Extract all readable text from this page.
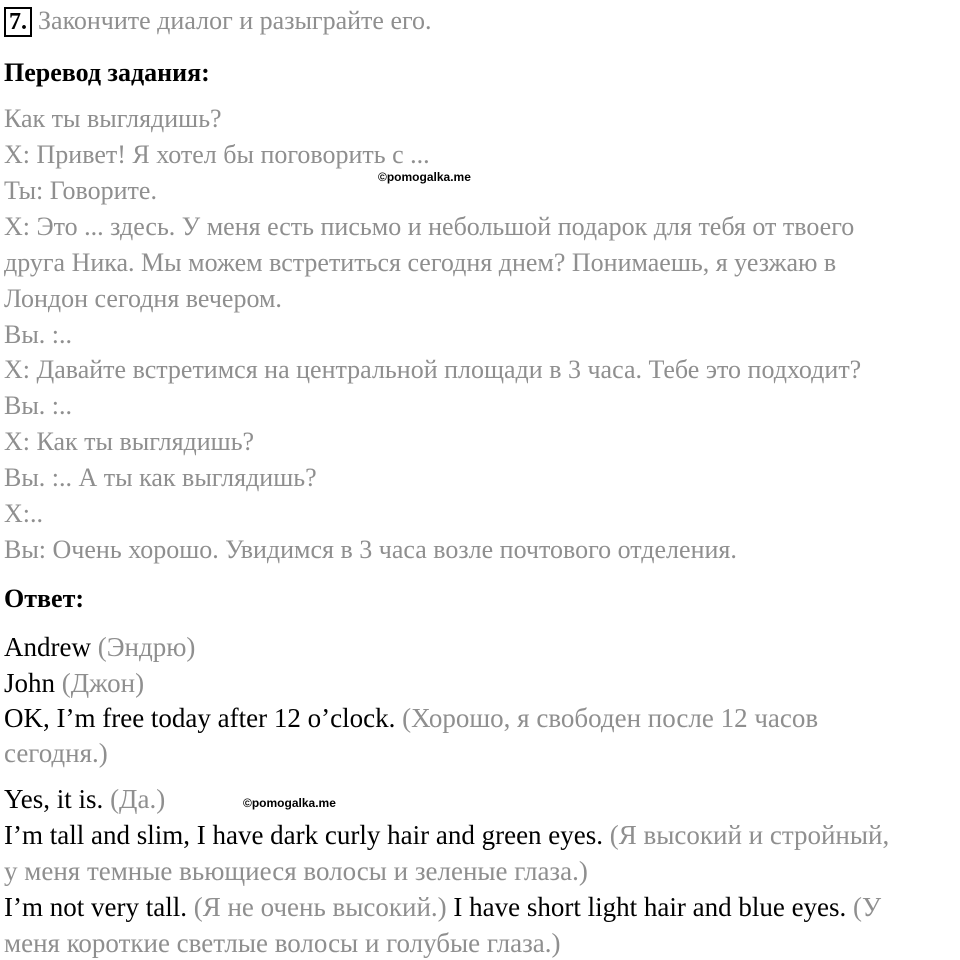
7. Закончите диалог и разыграйте его.
Перевод задания:
Как ты выглядишь?
X: Привет! Я хотел бы поговорить с ...
Ты: Говорите.
X: Это ... здесь. У меня есть письмо и небольшой подарок для тебя от твоего
друга Ника. Мы можем встретиться сегодня днем? Понимаешь, я уезжаю в
Лондон сегодня вечером.
Вы. :..
X: Давайте встретимся на центральной площади в 3 часа. Тебе это подходит?
Вы. :..
X: Как ты выглядишь?
Вы. :.. А ты как выглядишь?
X:..
Вы: Очень хорошо. Увидимся в 3 часа возле почтового отделения.
Ответ:
Andrew (Эндрю)
John (Джон)
OK, I’m free today after 12 o’clock. (Хорошо, я свободен после 12 часов
сегодня.)
Yes, it is. (Да.)
I’m tall and slim, I have dark curly hair and green eyes. (Я высокий и стройный,
у меня темные вьющиеся волосы и зеленые глаза.)
I’m not very tall. (Я не очень высокий.) I have short light hair and blue eyes. (У
меня короткие светлые волосы и голубые глаза.)
©pomogalka.me
©pomogalka.me
